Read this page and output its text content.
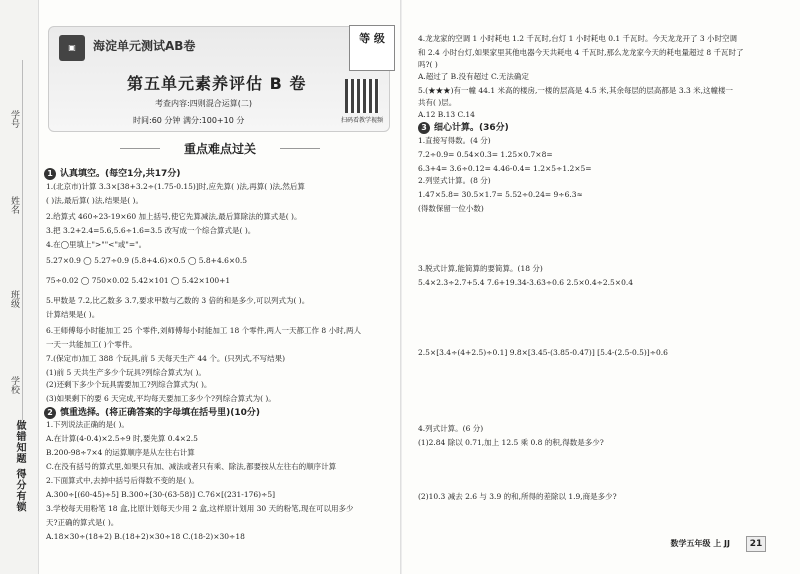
学号
姓名
班级
学校
做错知题 得分有锁
▣	海淀单元测试AB卷
等 级
第五单元素养评估 B 卷
考查内容:四则混合运算(二)
时间:60 分钟 满分:100+10 分	扫码看教学视频
重点难点过关
1 认真填空。(每空1分,共17分)
1.(北京市)计算 3.3×[38+3.2÷(1.75-0.15)]时,应先算( )法,再算( )法,然后算
( )法,最后算( )法,结果是( )。
2.给算式 460÷23-19×60 加上括号,使它先算减法,最后算除法的算式是( )。
3.把 3.2+2.4=5.6,5.6÷1.6=3.5 改写成一个综合算式是( )。
4.在◯里填上">""<"或"="。
5.27×0.9 ◯ 5.27÷0.9 (5.8+4.6)×0.5 ◯ 5.8+4.6×0.5
75÷0.02 ◯ 750×0.02 5.42×101 ◯ 5.42×100+1
5.甲数是 7.2,比乙数多 3.7,要求甲数与乙数的 3 倍的和是多少,可以列式为( )。
计算结果是( )。
6.王师傅每小时能加工 25 个零件,刘师傅每小时能加工 18 个零件,两人一天都工作 8 小时,两人
一天一共能加工( )个零件。
7.(保定市)加工 388 个玩具,前 5 天每天生产 44 个。(只列式,不写结果)
(1)前 5 天共生产多少个玩具?列综合算式为( )。
(2)还剩下多少个玩具需要加工?列综合算式为( )。
(3)如果剩下的要 6 天完成,平均每天要加工多少个?列综合算式为( )。
2 慎重选择。(将正确答案的字母填在括号里)(10分)
1.下列说法正确的是( )。
A.在计算(4-0.4)×2.5÷9 时,要先算 0.4×2.5
B.200-98÷7×4 的运算顺序是从左往右计算
C.在没有括号的算式里,如果只有加、减法或者只有乘、除法,都要按从左往右的顺序计算
2.下面算式中,去掉中括号后得数不变的是( )。
A.300÷[(60-45)÷5] B.300÷[30-(63-58)] C.76×[(231-176)÷5]
3.学校每天用粉笔 18 盒,比原计划每天少用 2 盒,这样原计划用 30 天的粉笔,现在可以用多少
天?正确的算式是( )。
A.18×30÷(18+2) B.(18+2)×30÷18 C.(18-2)×30÷18
4.龙龙家的空调 1 小时耗电 1.2 千瓦时,台灯 1 小时耗电 0.1 千瓦时。今天龙龙开了 3 小时空调
和 2.4 小时台灯,如果家里其他电器今天共耗电 4 千瓦时,那么龙龙家今天的耗电量超过 8 千瓦时了
吗?( )
A.超过了 B.没有超过 C.无法确定
5.(★★★)有一幢 44.1 米高的楼房,一楼的层高是 4.5 米,其余每层的层高都是 3.3 米,这幢楼一
共有( )层。
A.12 B.13 C.14
3 细心计算。(36分)
1.直接写得数。(4 分)
7.2÷0.9= 0.54×0.3= 1.25×0.7×8=
6.3+4= 3.6÷0.12= 4.46-0.4= 1.2×5÷1.2×5=
2.列竖式计算。(8 分)
1.47×5.8= 30.5×1.7= 5.52÷0.24= 9÷6.3≈
(得数保留一位小数)
3.脱式计算,能简算的要简算。(18 分)
5.4×2.3÷2.7+5.4 7.6+19.34-3.63÷0.6 2.5×0.4÷2.5×0.4
2.5×[3.4÷(4+2.5)÷0.1] 9.8×[3.45-(3.85-0.47)] [5.4-(2.5-0.5)]÷0.6
4.列式计算。(6 分)
(1)2.84 除以 0.71,加上 12.5 乘 0.8 的积,得数是多少?
(2)10.3 减去 2.6 与 3.9 的和,所得的差除以 1.9,商是多少?
数学五年级 上 JJ	21
